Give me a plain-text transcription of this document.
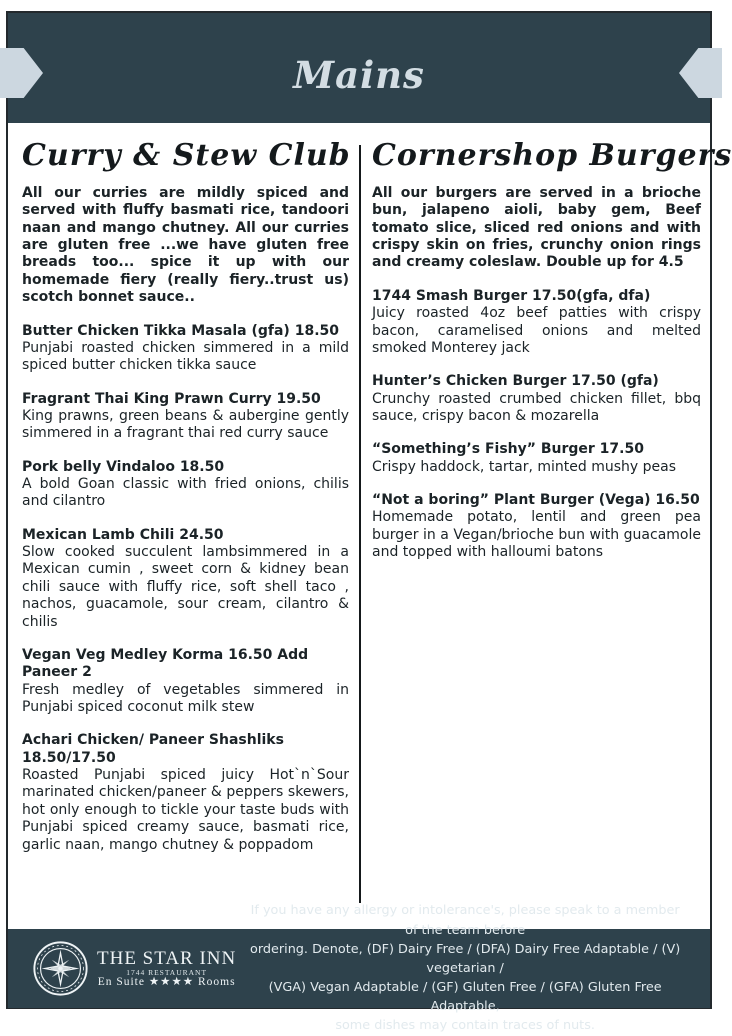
Mains
Curry & Stew Club

All our curries are mildly spiced and served with fluffy basmati rice, tandoori naan and mango chutney. All our curries are gluten free ...we have gluten free breads too... spice it up with our homemade fiery (really fiery..trust us) scotch bonnet sauce..

Butter Chicken Tikka Masala (gfa) 18.50
Punjabi roasted chicken simmered in a mild spiced butter chicken tikka sauce
Fragrant Thai King Prawn Curry 19.50
King prawns, green beans & aubergine gently simmered in a fragrant thai red curry sauce
Pork belly Vindaloo 18.50
A bold Goan classic with fried onions, chilis and cilantro
Mexican Lamb Chili 24.50
Slow cooked succulent lambsimmered in a Mexican cumin , sweet corn & kidney bean chili sauce with fluffy rice, soft shell taco , nachos, guacamole, sour cream, cilantro & chilis
Vegan Veg Medley Korma 16.50 Add Paneer 2
Fresh medley of vegetables simmered in Punjabi spiced coconut milk stew
Achari Chicken/ Paneer Shashliks 18.50/17.50
Roasted Punjabi spiced juicy Hot`n`Sour marinated chicken/paneer & peppers skewers, hot only enough to tickle your taste buds with Punjabi spiced creamy sauce, basmati rice, garlic naan, mango chutney & poppadom
Cornershop Burgers

All our burgers are served in a brioche bun, jalapeno aioli, baby gem, Beef tomato slice, sliced red onions and with crispy skin on fries, crunchy onion rings and creamy coleslaw. Double up for 4.5

1744 Smash Burger 17.50(gfa, dfa)
Juicy roasted 4oz beef patties with crispy bacon, caramelised onions and melted smoked Monterey jack
Hunter’s Chicken Burger 17.50 (gfa)
Crunchy roasted crumbed chicken fillet, bbq sauce, crispy bacon & mozarella
“Something’s Fishy” Burger 17.50
Crispy haddock, tartar, minted mushy peas
“Not a boring” Plant Burger (Vega) 16.50
Homemade potato, lentil and green pea burger in a Vegan/brioche bun with guacamole and topped with halloumi batons
THE STAR INN
1744 RESTAURANT
En Suite ★★★★ Rooms
If you have any allergy or intolerance's, please speak to a member of the team before
ordering. Denote, (DF) Dairy Free / (DFA) Dairy Free Adaptable / (V) vegetarian /
(VGA) Vegan Adaptable / (GF) Gluten Free / (GFA) Gluten Free Adaptable,
some dishes may contain traces of nuts.
